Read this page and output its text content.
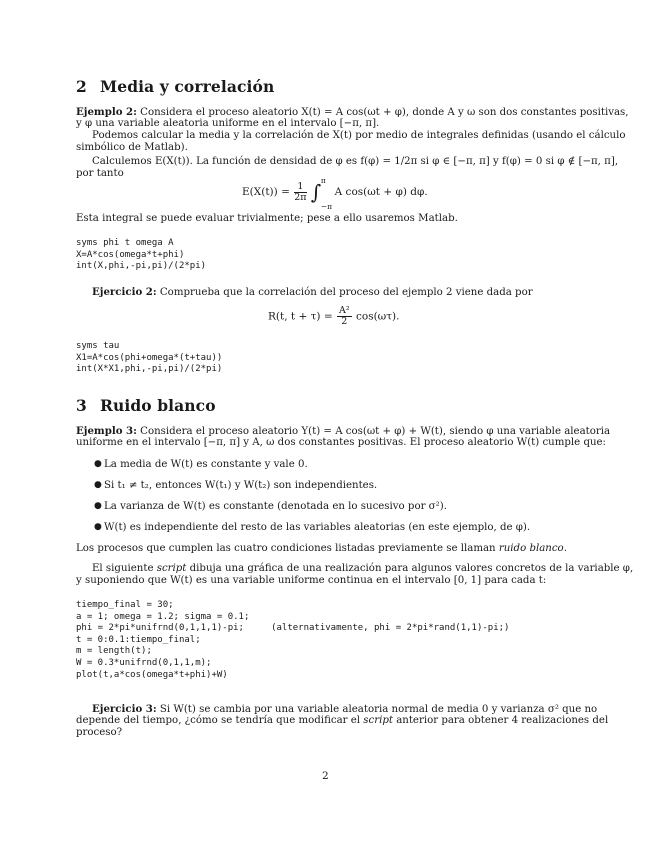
2 Media y correlación
Ejemplo 2: Considera el proceso aleatorio X(t) = A cos(ωt + φ), donde A y ω son dos constantes positivas,
y φ una variable aleatoria uniforme en el intervalo [−π, π].
Podemos calcular la media y la correlación de X(t) por medio de integrales definidas (usando el cálculo
simbólico de Matlab).
Calculemos E(X(t)). La función de densidad de φ es f(φ) = 1/2π si φ ∈ [−π, π] y f(φ) = 0 si φ ∉ [−π, π],
por tanto
$E(X(t)) = \frac{1}{2\pi}$ ∫ π
−π
A cos(ωt + φ) dφ.
Esta integral se puede evaluar trivialmente; pese a ello usaremos Matlab.
syms phi t omega A
X=A*cos(omega*t+phi)
int(X,phi,-pi,pi)/(2*pi)
Ejercicio 2: Comprueba que la correlación del proceso del ejemplo 2 viene dada por
R(t, $t + \tau) = \frac{\text{A²}}{2} \cos(\omega\tau)$.
syms tau
X1=A*cos(phi+omega*(t+tau))
int(X*X1,phi,-pi,pi)/(2*pi)
3 Ruido blanco
Ejemplo 3: Considera el proceso aleatorio Y(t) = A cos(ωt + φ) + W(t), siendo φ una variable aleatoria
uniforme en el intervalo [−π, π] y A, ω dos constantes positivas. El proceso aleatorio W(t) cumple que:
● La media de W(t) es constante y vale 0.
● Si t₁ ≠ t₂, entonces W(t₁) y W(t₂) son independientes.
● La varianza de W(t) es constante (denotada en lo sucesivo por σ²).
● W(t) es independiente del resto de las variables aleatorias (en este ejemplo, de φ).
Los procesos que cumplen las cuatro condiciones listadas previamente se llaman ruido blanco.
El siguiente script dibuja una gráfica de una realización para algunos valores concretos de la variable φ,
y suponiendo que W(t) es una variable uniforme continua en el intervalo [0, 1] para cada t:
tiempo_final = 30;
a = 1; omega = 1.2; sigma = 0.1;
phi = 2*pi*unifrnd(0,1,1,1)-pi;     (alternativamente, phi = 2*pi*rand(1,1)-pi;)
t = 0:0.1:tiempo_final;
m = length(t);
W = 0.3*unifrnd(0,1,1,m);
plot(t,a*cos(omega*t+phi)+W)
Ejercicio 3: Si W(t) se cambia por una variable aleatoria normal de media 0 y varianza σ² que no
depende del tiempo, ¿cómo se tendría que modificar el script anterior para obtener 4 realizaciones del
proceso?
2
